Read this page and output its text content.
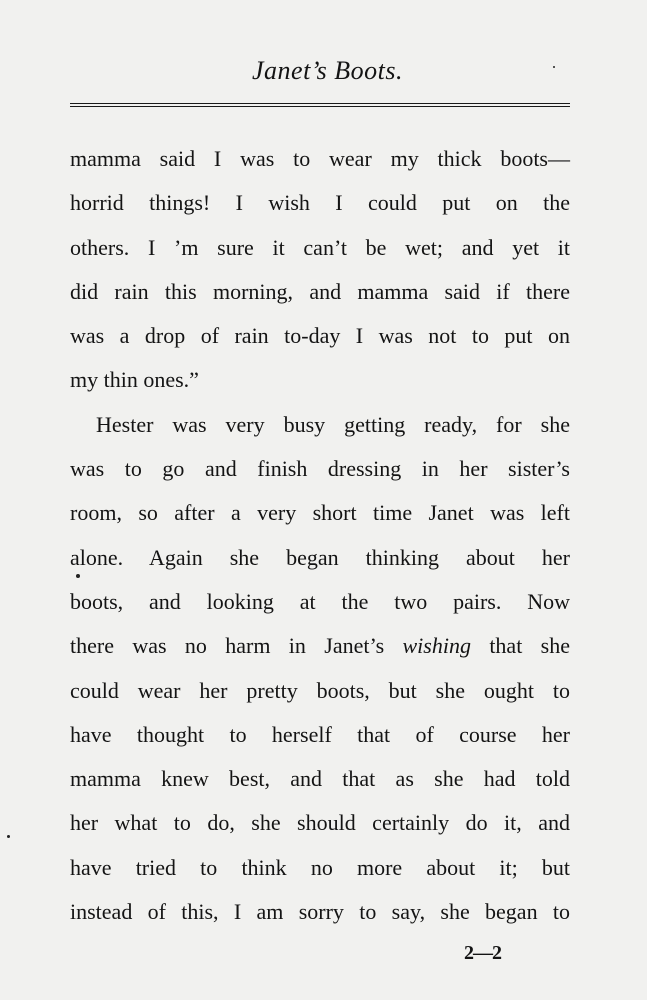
Janet’s Boots.

mamma said I was to wear my thick boots—
horrid things! I wish I could put on the
others. I ’m sure it can’t be wet; and yet it
did rain this morning, and mamma said if there
was a drop of rain to-day I was not to put on
my thin ones.”

Hester was very busy getting ready, for she
was to go and finish dressing in her sister’s
room, so after a very short time Janet was left
alone. Again she began thinking about her
boots, and looking at the two pairs. Now
there was no harm in Janet’s wishing that she
could wear her pretty boots, but she ought to
have thought to herself that of course her
mamma knew best, and that as she had told
her what to do, she should certainly do it, and
have tried to think no more about it; but
instead of this, I am sorry to say, she began to

2—2
